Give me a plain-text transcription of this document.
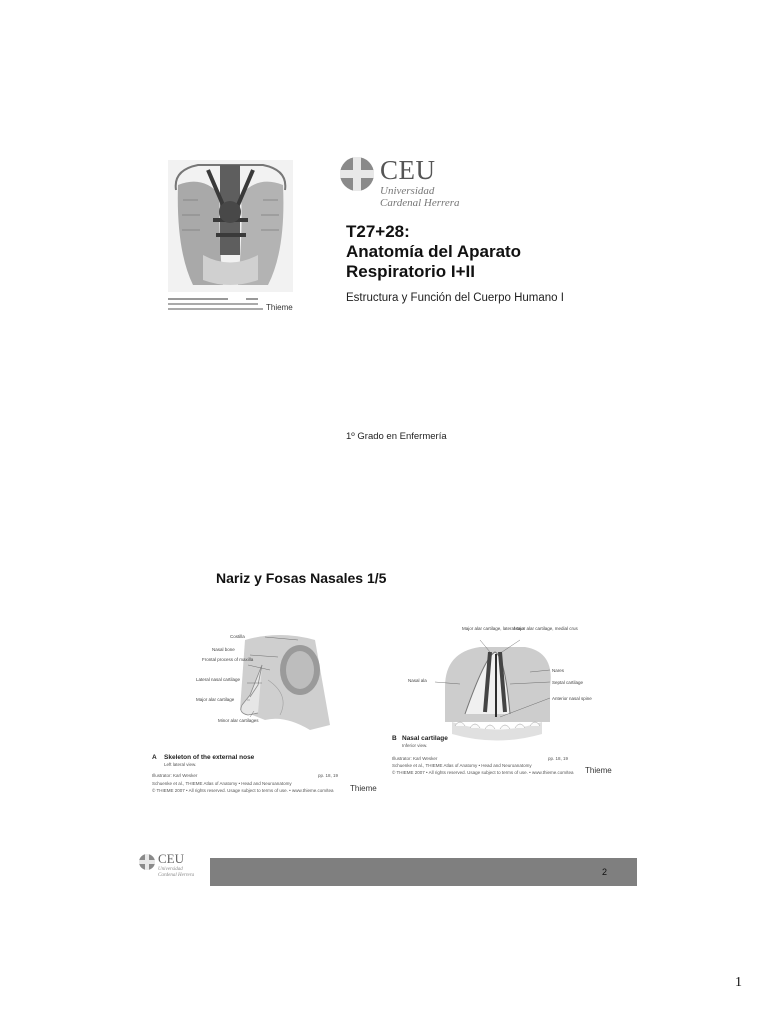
Thieme
CEU
Universidad
Cardenal Herrera
T27+28:
Anatomía del Aparato
Respiratorio I+II
Estructura y Función del Cuerpo Humano I
1º Grado en Enfermería
Nariz y Fosas Nasales 1/5
Costilla
Nasal bone
Frontal process of maxilla
Lateral nasal cartilage
Major alar cartilage
Minor alar cartilages
A Skeleton of the external nose
Left lateral view.
Illustrator: Karl Wesker	pp. 18, 19
Schuenke et al., THIEME Atlas of Anatomy • Head and Neuroanatomy
© THIEME 2007 • All rights reserved. Usage subject to terms of use. • www.thieme.com/tea Thieme
Major alar cartilage, lateral crus
Major alar cartilage, medial crus
Nares
Septal cartilage
Anterior nasal spine
Nasal ala
B Nasal cartilage
Inferior view.
Illustrator: Karl Wesker	pp. 18, 19
Schuenke et al., THIEME Atlas of Anatomy • Head and Neuroanatomy
© THIEME 2007 • All rights reserved. Usage subject to terms of use. • www.thieme.com/tea Thieme
CEU
Universidad
Cardenal Herrera	2
1
